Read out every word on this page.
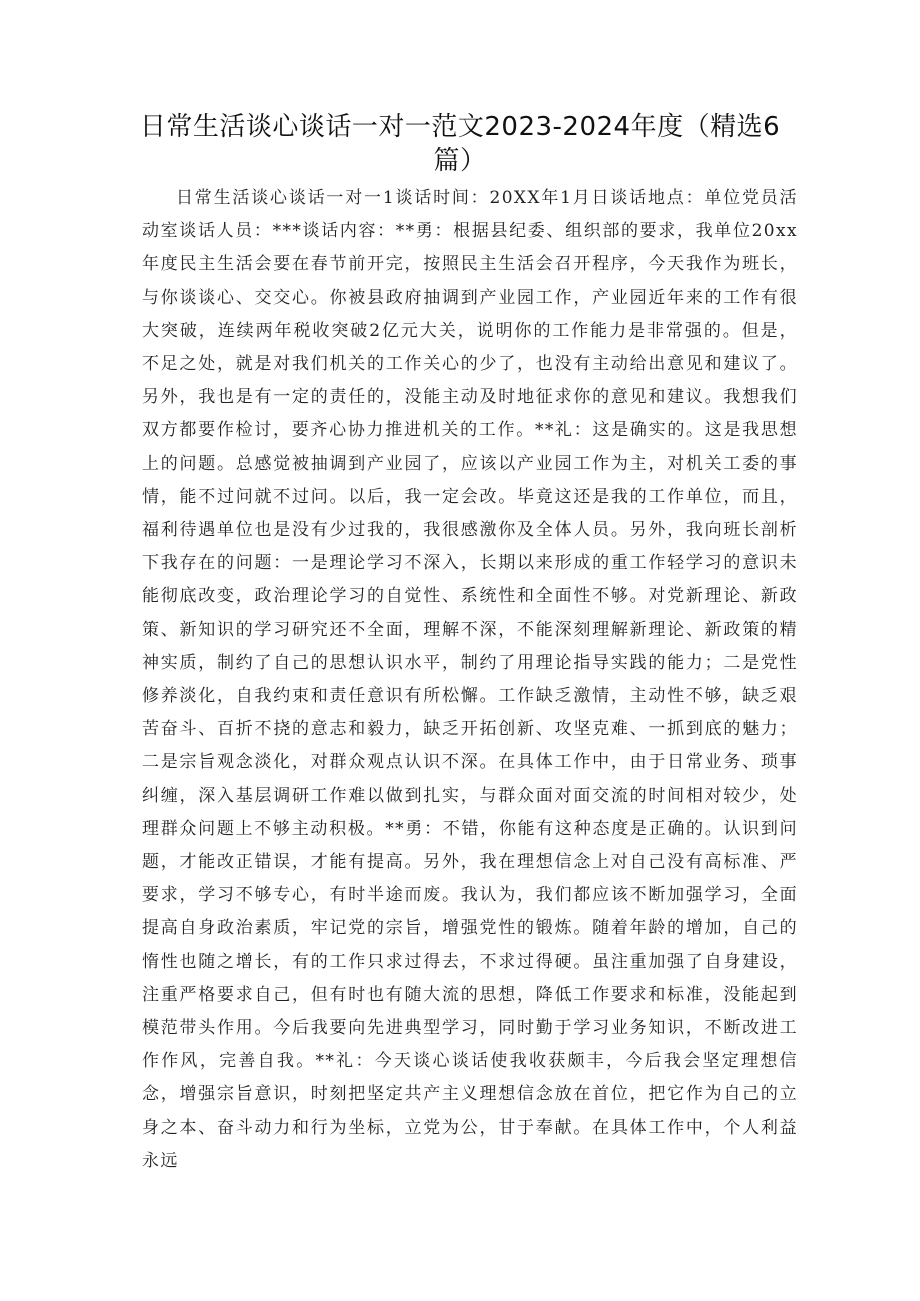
日常生活谈心谈话一对一范文2023-2024年度（精选6篇）

日常生活谈心谈话一对一1谈话时间：20XX年1月日谈话地点：单位党员活动室谈话人员：***谈话内容：**勇：根据县纪委、组织部的要求，我单位20xx年度民主生活会要在春节前开完，按照民主生活会召开程序，今天我作为班长，与你谈谈心、交交心。你被县政府抽调到产业园工作，产业园近年来的工作有很大突破，连续两年税收突破2亿元大关，说明你的工作能力是非常强的。但是，不足之处，就是对我们机关的工作关心的少了，也没有主动给出意见和建议了。另外，我也是有一定的责任的，没能主动及时地征求你的意见和建议。我想我们双方都要作检讨，要齐心协力推进机关的工作。**礼：这是确实的。这是我思想上的问题。总感觉被抽调到产业园了，应该以产业园工作为主，对机关工委的事情，能不过问就不过问。以后，我一定会改。毕竟这还是我的工作单位，而且，福利待遇单位也是没有少过我的，我很感激你及全体人员。另外，我向班长剖析下我存在的问题：一是理论学习不深入，长期以来形成的重工作轻学习的意识未能彻底改变，政治理论学习的自觉性、系统性和全面性不够。对党新理论、新政策、新知识的学习研究还不全面，理解不深，不能深刻理解新理论、新政策的精神实质，制约了自己的思想认识水平，制约了用理论指导实践的能力；二是党性修养淡化，自我约束和责任意识有所松懈。工作缺乏激情，主动性不够，缺乏艰苦奋斗、百折不挠的意志和毅力，缺乏开拓创新、攻坚克难、一抓到底的魅力；二是宗旨观念淡化，对群众观点认识不深。在具体工作中，由于日常业务、琐事纠缠，深入基层调研工作难以做到扎实，与群众面对面交流的时间相对较少，处理群众问题上不够主动积极。**勇：不错，你能有这种态度是正确的。认识到问题，才能改正错误，才能有提高。另外，我在理想信念上对自己没有高标准、严要求，学习不够专心，有时半途而废。我认为，我们都应该不断加强学习，全面提高自身政治素质，牢记党的宗旨，增强党性的锻炼。随着年龄的增加，自己的惰性也随之增长，有的工作只求过得去，不求过得硬。虽注重加强了自身建设，注重严格要求自己，但有时也有随大流的思想，降低工作要求和标准，没能起到模范带头作用。今后我要向先进典型学习，同时勤于学习业务知识，不断改进工作作风，完善自我。**礼：今天谈心谈话使我收获颇丰，今后我会坚定理想信念，增强宗旨意识，时刻把坚定共产主义理想信念放在首位，把它作为自己的立身之本、奋斗动力和行为坐标，立党为公，甘于奉献。在具体工作中，个人利益永远
